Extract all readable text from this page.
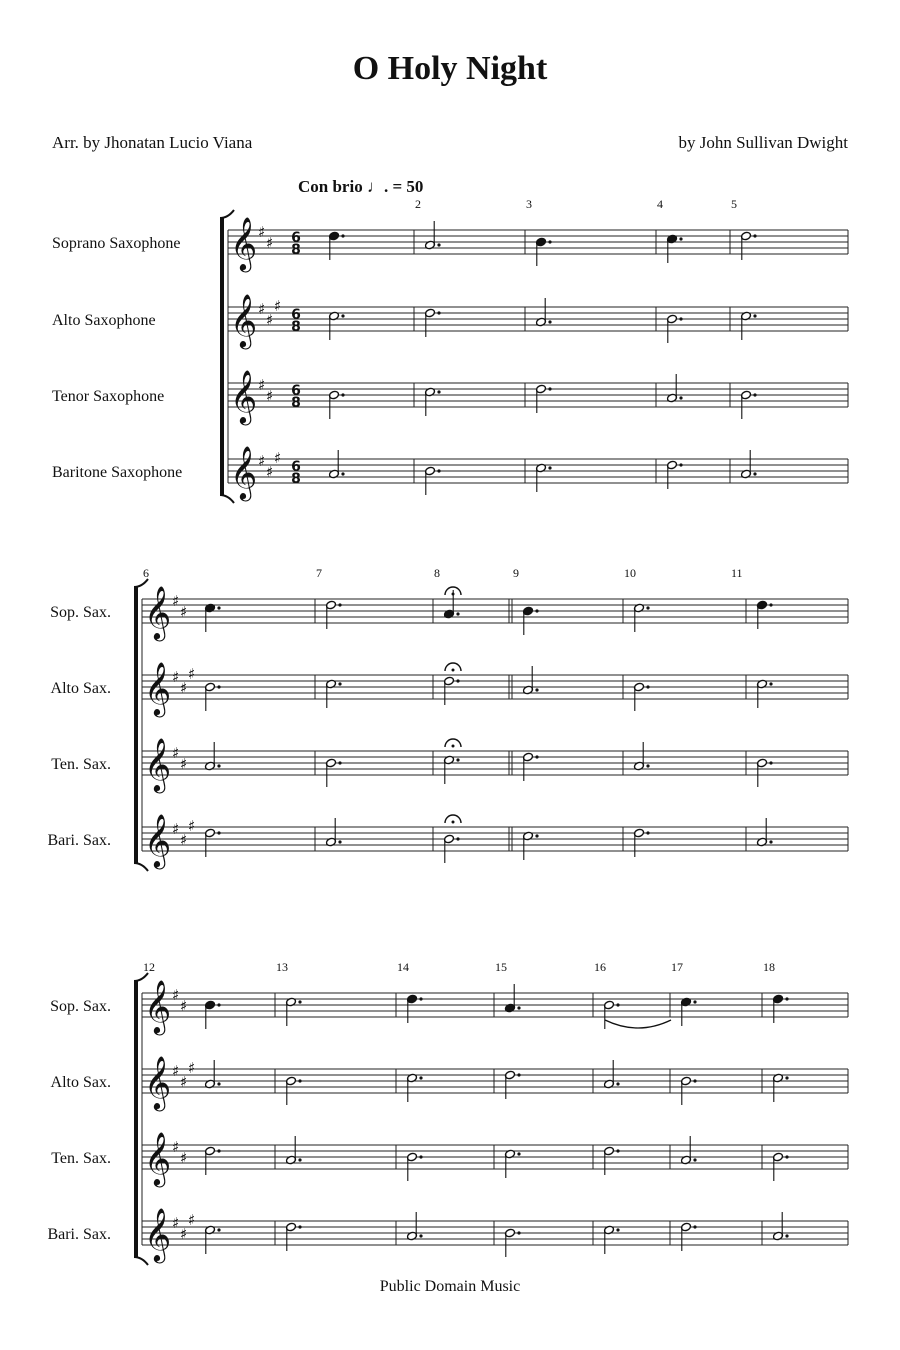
O Holy Night
Arr. by Jhonatan Lucio Viana	by John Sullivan Dwight
Con brio ♩. = 50
𝄞 ♯
♯ 6
8
Soprano Saxophone
𝄞 ♯
♯
♯ 6
8
Alto Saxophone
𝄞 ♯
♯ 6
8
Tenor Saxophone
𝄞 ♯
♯
♯ 6
8
Baritone Saxophone
2	3	4	5
𝄞 ♯
♯
Sop. Sax.
𝄞 ♯
♯
♯
Alto Sax.
𝄞 ♯
♯
Ten. Sax.
𝄞 ♯
♯
♯
Bari. Sax.
6	7	8	9	10	11
𝄞 ♯
♯
Sop. Sax.
𝄞 ♯
♯
♯
Alto Sax.
𝄞 ♯
♯
Ten. Sax.
𝄞 ♯
♯
♯
Bari. Sax.
12	13	14	15	16	17	18
Public Domain Music
